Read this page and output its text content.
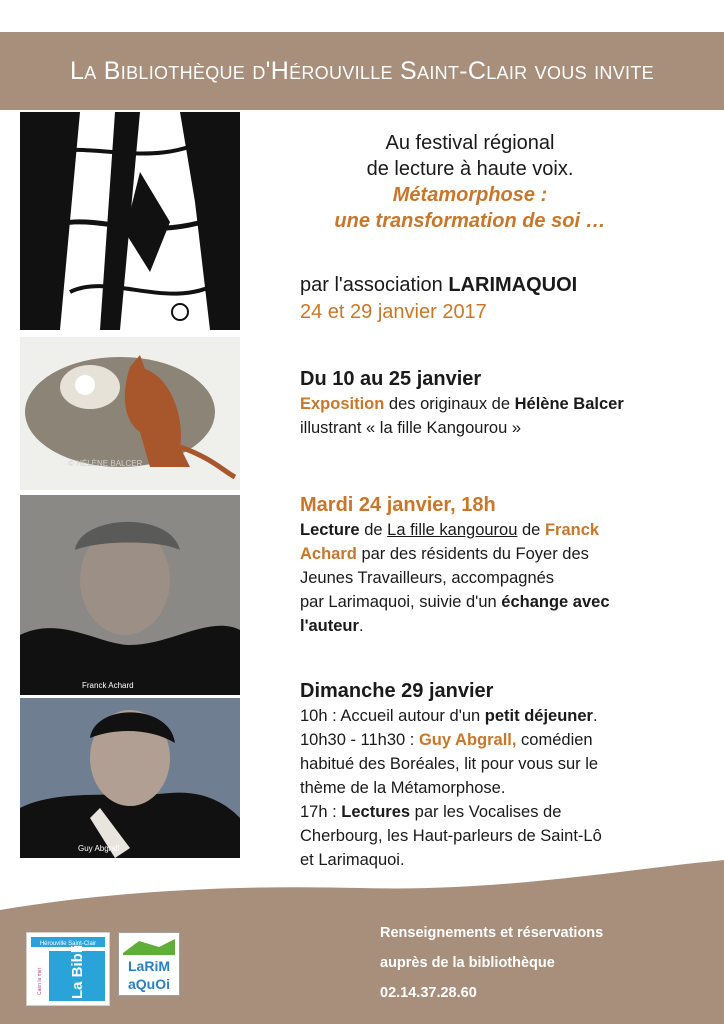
La Bibliothèque d'Hérouville Saint-Clair vous invite
© HÉLÈNE BALCER
Franck Achard
Guy Abgrall
Au festival régional
de lecture à haute voix.
Métamorphose :
une transformation de soi …
par l'association LARIMAQUOI
24 et 29 janvier 2017
Du 10 au 25 janvier
Exposition des originaux de Hélène Balcer
illustrant « la fille Kangourou »
Mardi 24 janvier, 18h
Lecture de La fille kangourou de Franck
Achard par des résidents du Foyer des
Jeunes Travailleurs, accompagnés
par Larimaquoi, suivie d'un échange avec
l'auteur.
Dimanche 29 janvier
10h : Accueil autour d'un petit déjeuner.
10h30 - 11h30 : Guy Abgrall, comédien
habitué des Boréales, lit pour vous sur le
thème de la Métamorphose.
17h : Lectures par les Vocalises de
Cherbourg, les Haut-parleurs de Saint-Lô
et Larimaquoi.
Hérouville Saint-Clair
Caen la mer La Bibli	LaRiM
aQuOi
Renseignements et réservations
auprès de la bibliothèque
02.14.37.28.60
